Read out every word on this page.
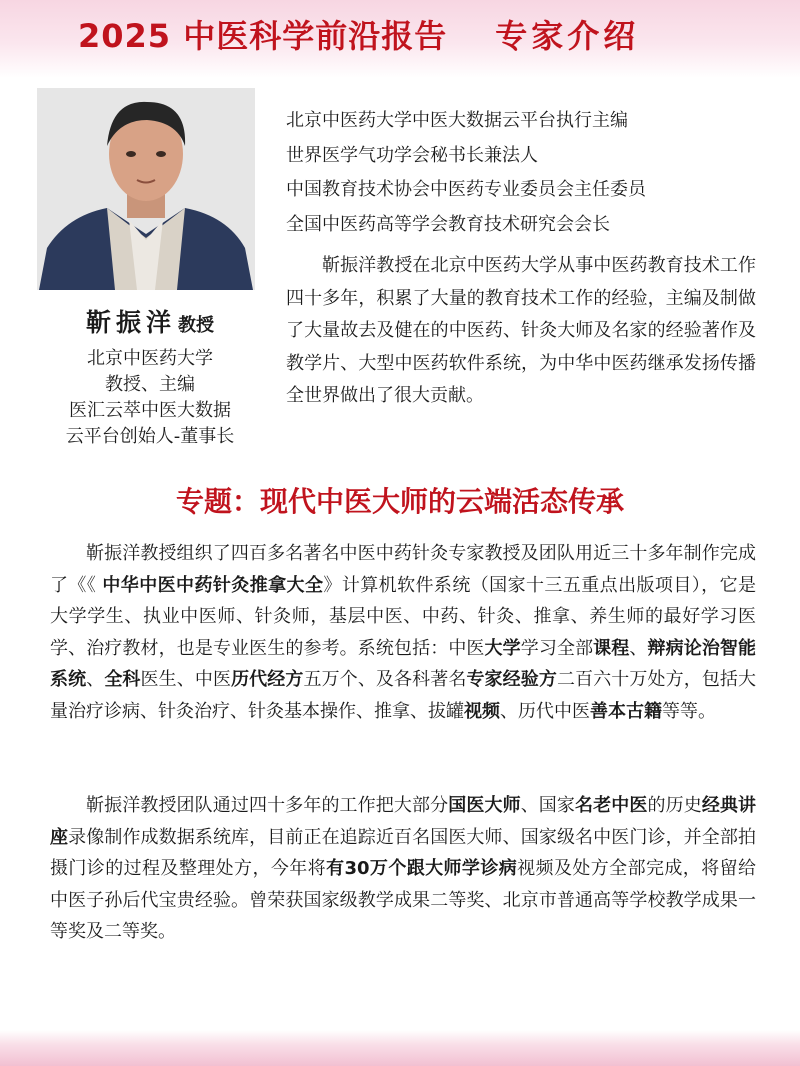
2025 中医科学前沿报告 专家介绍
北京中医药大学中医大数据云平台执行主编
世界医学气功学会秘书长兼法人
中国教育技术协会中医药专业委员会主任委员
全国中医药高等学会教育技术研究会会长
靳振洋教授在北京中医药大学从事中医药教育技术工作四十多年，积累了大量的教育技术工作的经验，主编及制做了大量故去及健在的中医药、针灸大师及名家的经验著作及教学片、大型中医药软件系统，为中华中医药继承发扬传播全世界做出了很大贡献。
靳振洋 教授
北京中医药大学
教授、主编
医汇云萃中医大数据
云平台创始人-董事长
专题：现代中医大师的云端活态传承

靳振洋教授组织了四百多名著名中医中药针灸专家教授及团队用近三十多年制作完成了《《 中华中医中药针灸推拿大全》计算机软件系统（国家十三五重点出版项目），它是大学学生、执业中医师、针灸师，基层中医、中药、针灸、推拿、养生师的最好学习医学、治疗教材，也是专业医生的参考。系统包括：中医大学学习全部课程、辩病论治智能系统、全科医生、中医历代经方五万个、及各科著名专家经验方二百六十万处方，包括大量治疗诊病、针灸治疗、针灸基本操作、推拿、拔罐视频、历代中医善本古籍等等。

靳振洋教授团队通过四十多年的工作把大部分国医大师、国家名老中医的历史经典讲座录像制作成数据系统库，目前正在追踪近百名国医大师、国家级名中医门诊，并全部拍摄门诊的过程及整理处方，今年将有30万个跟大师学诊病视频及处方全部完成，将留给中医子孙后代宝贵经验。曾荣获国家级教学成果二等奖、北京市普通高等学校教学成果一等奖及二等奖。
